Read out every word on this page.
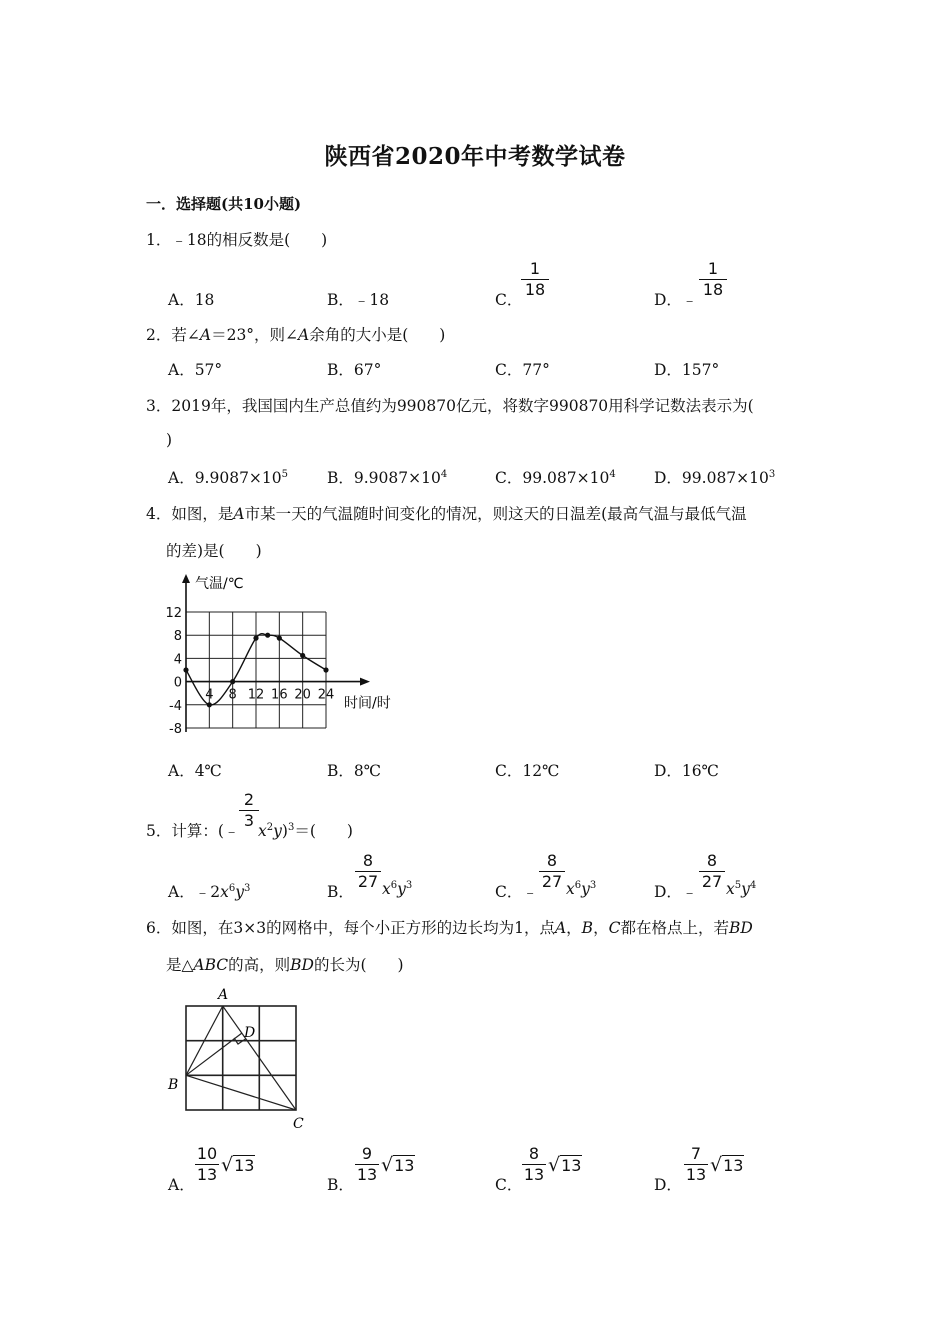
陕西省2020年中考数学试卷
一．选择题(共10小题)
1．﹣18的相反数是(　　)
A．18	B．﹣18	C．
1
18
D．﹣
1
18
2．若∠A＝23°，则∠A余角的大小是(　　)
A．57°	B．67°	C．77°	D．157°
3．2019年，我国国内生产总值约为990870亿元，将数字990870用科学记数法表示为(
)
A．$9.9087\times 10^5$	B．$9.9087\times 10^4$	C．$99.087\times 10^4$ D．$99.087\times 10^3$
4．如图，是A市某一天的气温随时间变化的情况，则这天的日温差(最高气温与最低气温
的差)是(　　)
4 8 12 16 20 24
12
8
4
0
-4
-8
气温/℃
时间/时
A．4℃	B．8℃	C．12℃	D．16℃
5．计算：(﹣
2
3
$x^2y)^3=$(　　)
A．$﹣2x^6y^3$	B．
8
27 $x^6y^3$	C．﹣
8
27 $x^6y^3$	D．﹣
8
27 $x^5y^4$
6．如图，在3×3的网格中，每个小正方形的边长均为1，点A，B，C都在格点上，若BD
是△ABC的高，则BD的长为(　　)
A
B
C
D
A．
10
13 √13
B．
9
13 √13
C．
8
13 √13
D．
7
13 √13
